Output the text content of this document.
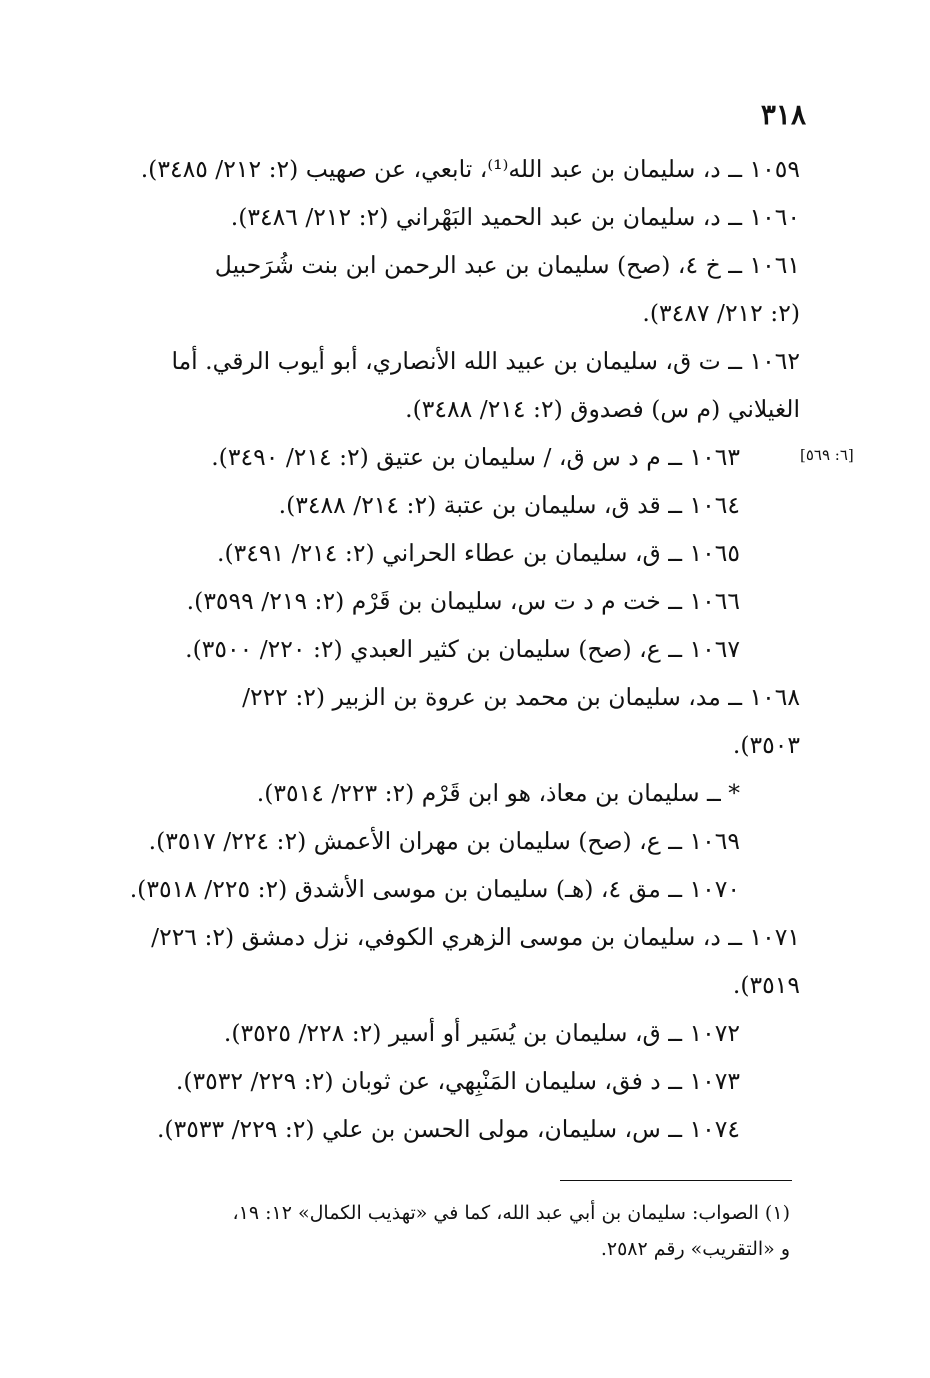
٣١٨
١٠٥٩ ــ د، سليمان بن عبد الله⁽¹⁾، تابعي، عن صهيب (٢: ٢١٢/ ٣٤٨٥).
١٠٦٠ ــ د، سليمان بن عبد الحميد البَهْراني (٢: ٢١٢/ ٣٤٨٦).
١٠٦١ ــ خ ٤، (صح) سليمان بن عبد الرحمن ابن بنت شُرَحبيل
(٢: ٢١٢/ ٣٤٨٧).
١٠٦٢ ــ ت ق، سليمان بن عبيد الله الأنصاري، أبو أيوب الرقي. أما
الغيلاني (م س) فصدوق (٢: ٢١٤/ ٣٤٨٨).
١٠٦٣ ــ م د س ق، / سليمان بن عتيق (٢: ٢١٤/ ٣٤٩٠).
١٠٦٤ ــ قد ق، سليمان بن عتبة (٢: ٢١٤/ ٣٤٨٨).
١٠٦٥ ــ ق، سليمان بن عطاء الحراني (٢: ٢١٤/ ٣٤٩١).
١٠٦٦ ــ خت م د ت س، سليمان بن قَرْم (٢: ٢١٩/ ٣٥٩٩).
١٠٦٧ ــ ع، (صح) سليمان بن كثير العبدي (٢: ٢٢٠/ ٣٥٠٠).
١٠٦٨ ــ مد، سليمان بن محمد بن عروة بن الزبير (٢: ٢٢٢/
٣٥٠٣).
* ــ سليمان بن معاذ، هو ابن قَرْم (٢: ٢٢٣/ ٣٥١٤).
١٠٦٩ ــ ع، (صح) سليمان بن مهران الأعمش (٢: ٢٢٤/ ٣٥١٧).
١٠٧٠ ــ مق ٤، (هـ) سليمان بن موسى الأشدق (٢: ٢٢٥/ ٣٥١٨).
١٠٧١ ــ د، سليمان بن موسى الزهري الكوفي، نزل دمشق (٢: ٢٢٦/
٣٥١٩).
١٠٧٢ ــ ق، سليمان بن يُسَير أو أسير (٢: ٢٢٨/ ٣٥٢٥).
١٠٧٣ ــ د فق، سليمان المَنْبِهي، عن ثوبان (٢: ٢٢٩/ ٣٥٣٢).
١٠٧٤ ــ س، سليمان، مولى الحسن بن علي (٢: ٢٢٩/ ٣٥٣٣).
[٦: ٥٦٩]
(١) الصواب: سليمان بن أبي عبد الله، كما في «تهذيب الكمال» ١٢: ١٩،
و «التقريب» رقم ٢٥٨٢.
